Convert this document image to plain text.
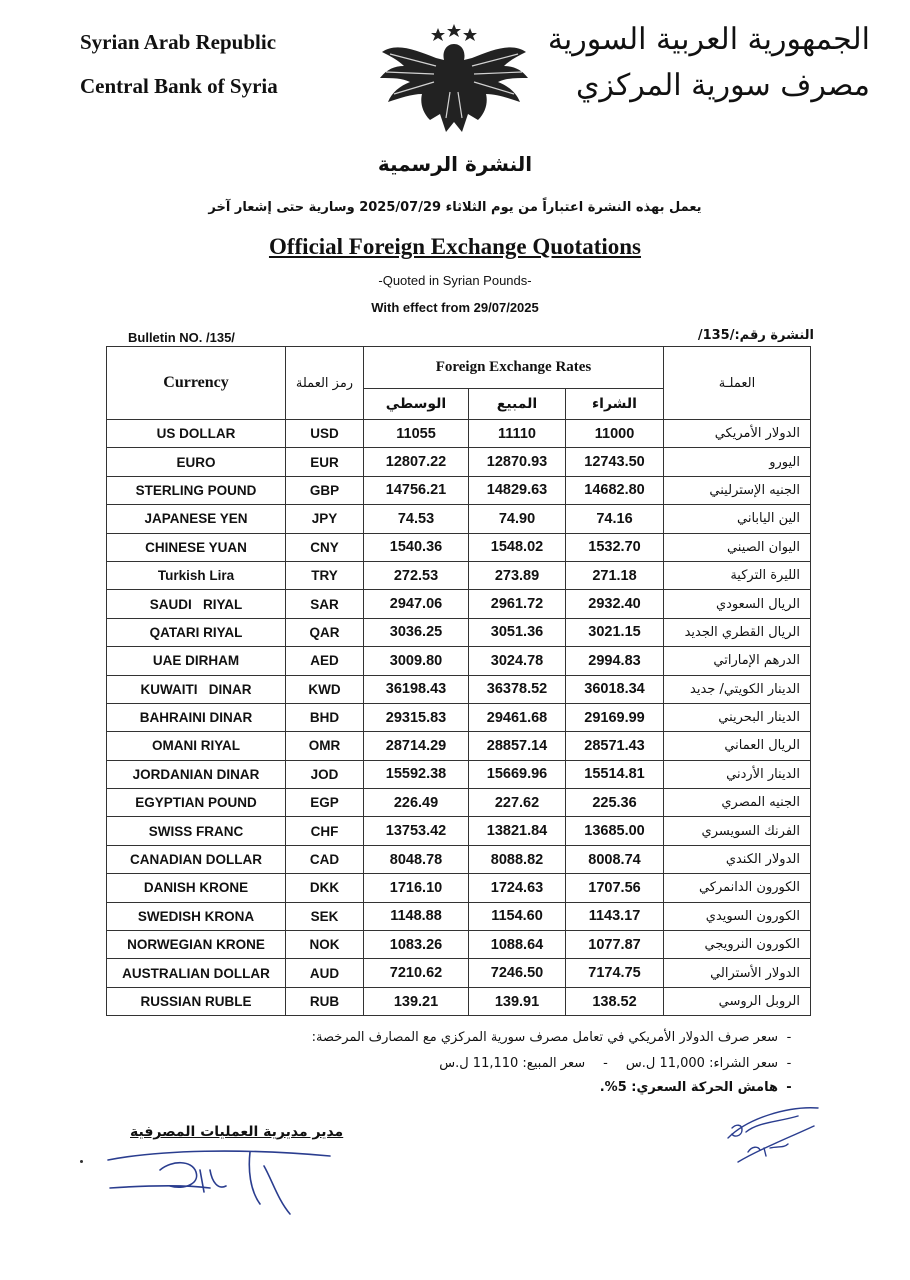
Syrian Arab Republic
Central Bank of Syria
الجمهورية العربية السورية
مصرف سورية المركزي
النشرة الرسمية
يعمل بهذه النشرة اعتباراً من يوم الثلاثاء 2025/07/29 وسارية حتى إشعار آخر
Official Foreign Exchange Quotations
-Quoted in Syrian Pounds-
With effect from 29/07/2025
Bulletin NO. /135/	النشرة رقم:/135/
Currency	رمز العملة	Foreign Exchange Rates			العملـة
		الوسطي	المبيع	الشراء	
US DOLLAR	USD	11055	11110	11000	الدولار الأمريكي
EURO	EUR	12807.22	12870.93	12743.50	اليورو
STERLING POUND	GBP	14756.21	14829.63	14682.80	الجنيه الإسترليني
JAPANESE YEN	JPY	74.53	74.90	74.16	الين الياباني
CHINESE YUAN	CNY	1540.36	1548.02	1532.70	اليوان الصيني
Turkish Lira	TRY	272.53	273.89	271.18	الليرة التركية
SAUDI   RIYAL	SAR	2947.06	2961.72	2932.40	الريال السعودي
QATARI RIYAL	QAR	3036.25	3051.36	3021.15	الريال القطري الجديد
UAE DIRHAM	AED	3009.80	3024.78	2994.83	الدرهم الإماراتي
KUWAITI   DINAR	KWD	36198.43	36378.52	36018.34	الدينار الكويتي/ جديد
BAHRAINI DINAR	BHD	29315.83	29461.68	29169.99	الدينار البحريني
OMANI RIYAL	OMR	28714.29	28857.14	28571.43	الريال العماني
JORDANIAN DINAR	JOD	15592.38	15669.96	15514.81	الدينار الأردني
EGYPTIAN POUND	EGP	226.49	227.62	225.36	الجنيه المصري
SWISS FRANC	CHF	13753.42	13821.84	13685.00	الفرنك السويسري
CANADIAN DOLLAR	CAD	8048.78	8088.82	8008.74	الدولار الكندي
DANISH KRONE	DKK	1716.10	1724.63	1707.56	الكورون الدانمركي
SWEDISH KRONA	SEK	1148.88	1154.60	1143.17	الكورون السويدي
NORWEGIAN KRONE	NOK	1083.26	1088.64	1077.87	الكورون النرويجي
AUSTRALIAN DOLLAR	AUD	7210.62	7246.50	7174.75	الدولار الأسترالي
RUSSIAN RUBLE	RUB	139.21	139.91	138.52	الروبل الروسي
-سعر صرف الدولار الأمريكي في تعامل مصرف سورية المركزي مع المصارف المرخصة:
-سعر الشراء: 11,000 ل.س-سعر المبيع: 11,110 ل.س
-هامش الحركة السعري: 5%.
مدير مديرية العمليات المصرفية
